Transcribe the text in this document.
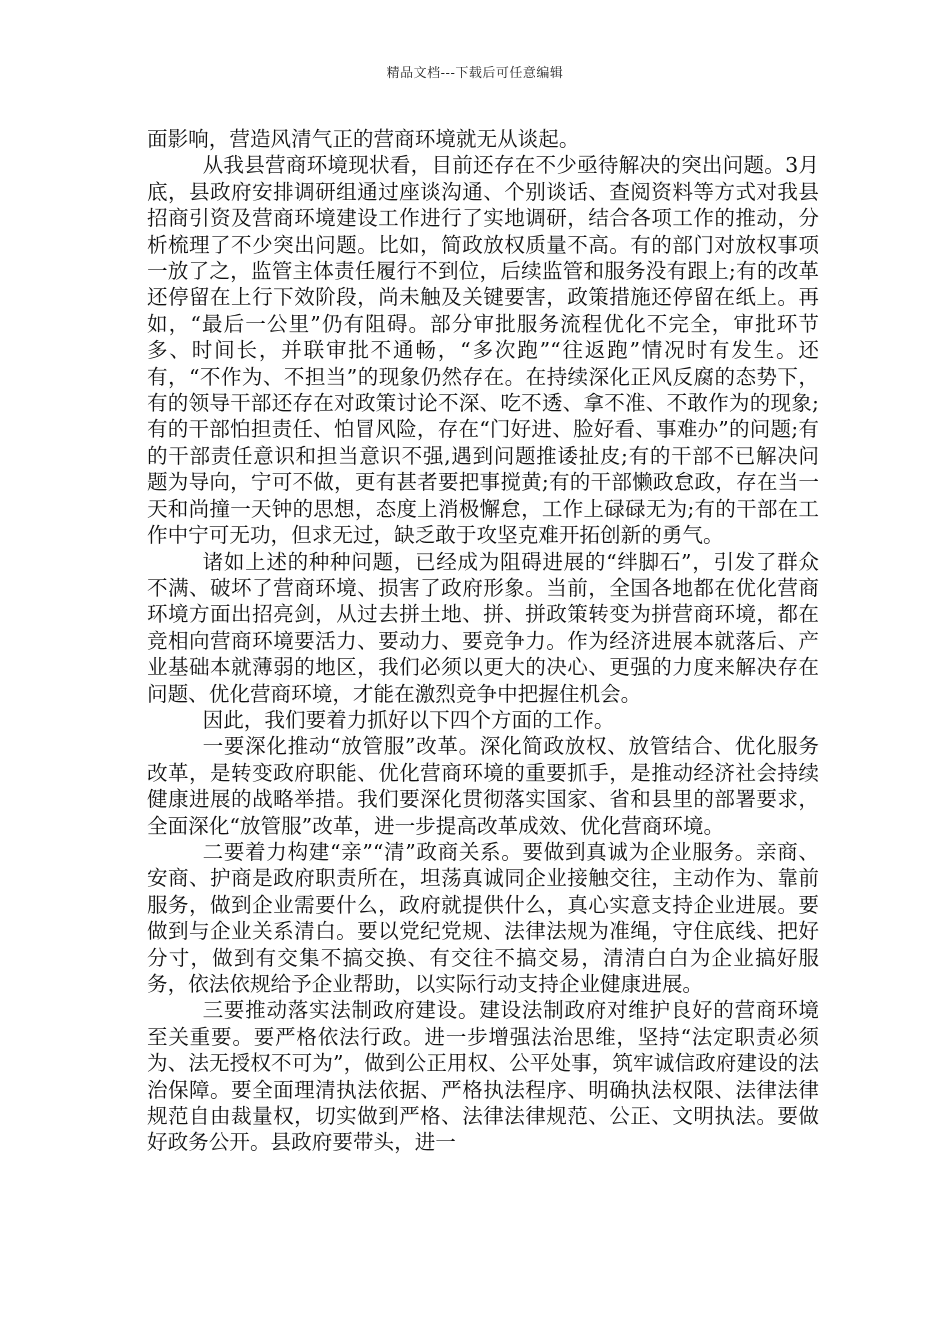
精品文档---下载后可任意编辑

面影响，营造风清气正的营商环境就无从谈起。

从我县营商环境现状看，目前还存在不少亟待解决的突出问题。3月底，县政府安排调研组通过座谈沟通、个别谈话、查阅资料等方式对我县招商引资及营商环境建设工作进行了实地调研，结合各项工作的推动，分析梳理了不少突出问题。比如，简政放权质量不高。有的部门对放权事项一放了之，监管主体责任履行不到位，后续监管和服务没有跟上;有的改革还停留在上行下效阶段，尚未触及关键要害，政策措施还停留在纸上。再如，“最后一公里”仍有阻碍。部分审批服务流程优化不完全，审批环节多、时间长，并联审批不通畅，“多次跑”“往返跑”情况时有发生。还有，“不作为、不担当”的现象仍然存在。在持续深化正风反腐的态势下，有的领导干部还存在对政策讨论不深、吃不透、拿不准、不敢作为的现象;有的干部怕担责任、怕冒风险，存在“门好进、脸好看、事难办”的问题;有的干部责任意识和担当意识不强,遇到问题推诿扯皮;有的干部不已解决问题为导向，宁可不做，更有甚者要把事搅黄;有的干部懒政怠政，存在当一天和尚撞一天钟的思想，态度上消极懈怠，工作上碌碌无为;有的干部在工作中宁可无功，但求无过，缺乏敢于攻坚克难开拓创新的勇气。

诸如上述的种种问题，已经成为阻碍进展的“绊脚石”，引发了群众不满、破坏了营商环境、损害了政府形象。当前，全国各地都在优化营商环境方面出招亮剑，从过去拼土地、拼、拼政策转变为拼营商环境，都在竞相向营商环境要活力、要动力、要竞争力。作为经济进展本就落后、产业基础本就薄弱的地区，我们必须以更大的决心、更强的力度来解决存在问题、优化营商环境，才能在激烈竞争中把握住机会。

因此，我们要着力抓好以下四个方面的工作。

一要深化推动“放管服”改革。深化简政放权、放管结合、优化服务改革，是转变政府职能、优化营商环境的重要抓手，是推动经济社会持续健康进展的战略举措。我们要深化贯彻落实国家、省和县里的部署要求，全面深化“放管服”改革，进一步提高改革成效、优化营商环境。

二要着力构建“亲”“清”政商关系。要做到真诚为企业服务。亲商、安商、护商是政府职责所在，坦荡真诚同企业接触交往，主动作为、靠前服务，做到企业需要什么，政府就提供什么，真心实意支持企业进展。要做到与企业关系清白。要以党纪党规、法律法规为准绳，守住底线、把好分寸，做到有交集不搞交换、有交往不搞交易，清清白白为企业搞好服务，依法依规给予企业帮助，以实际行动支持企业健康进展。

三要推动落实法制政府建设。建设法制政府对维护良好的营商环境至关重要。要严格依法行政。进一步增强法治思维，坚持“法定职责必须为、法无授权不可为”，做到公正用权、公平处事，筑牢诚信政府建设的法治保障。要全面理清执法依据、严格执法程序、明确执法权限、法律法律规范自由裁量权，切实做到严格、法律法律规范、公正、文明执法。要做好政务公开。县政府要带头，进一
